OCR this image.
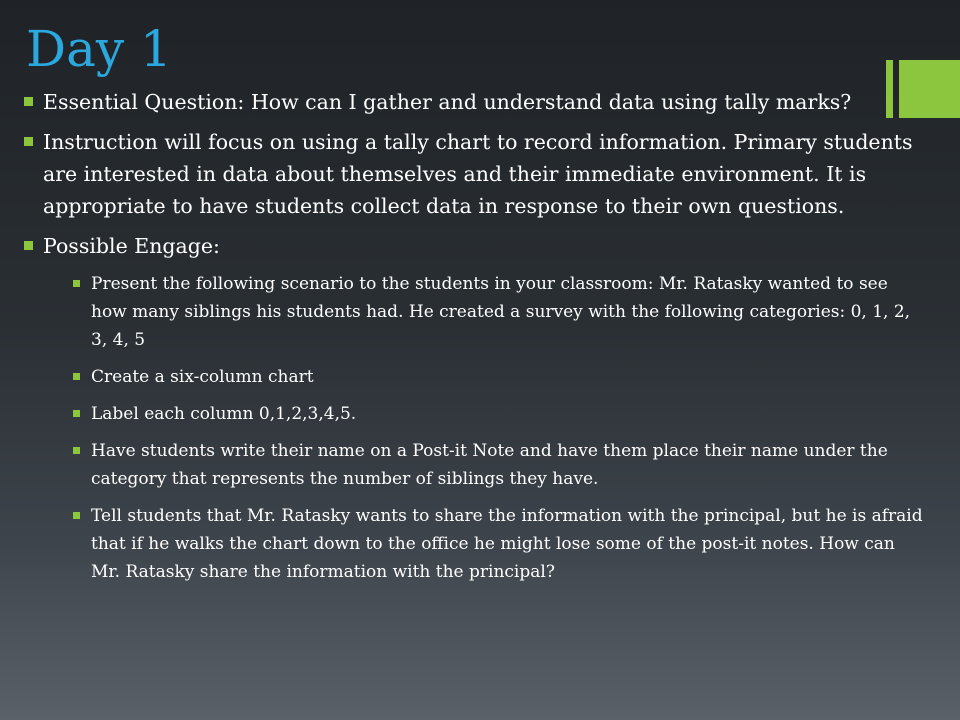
Day 1
Essential Question: How can I gather and understand data using tally marks?
Instruction will focus on using a tally chart to record information. Primary students are interested in data about themselves and their immediate environment. It is appropriate to have students collect data in response to their own questions.
Possible Engage:
Present the following scenario to the students in your classroom: Mr. Ratasky wanted to see how many siblings his students had. He created a survey with the following categories: 0, 1, 2, 3, 4, 5
Create a six-column chart
Label each column 0,1,2,3,4,5.
Have students write their name on a Post-it Note and have them place their name under the category that represents the number of siblings they have.
Tell students that Mr. Ratasky wants to share the information with the principal, but he is afraid that if he walks the chart down to the office he might lose some of the post-it notes. How can Mr. Ratasky share the information with the principal?
